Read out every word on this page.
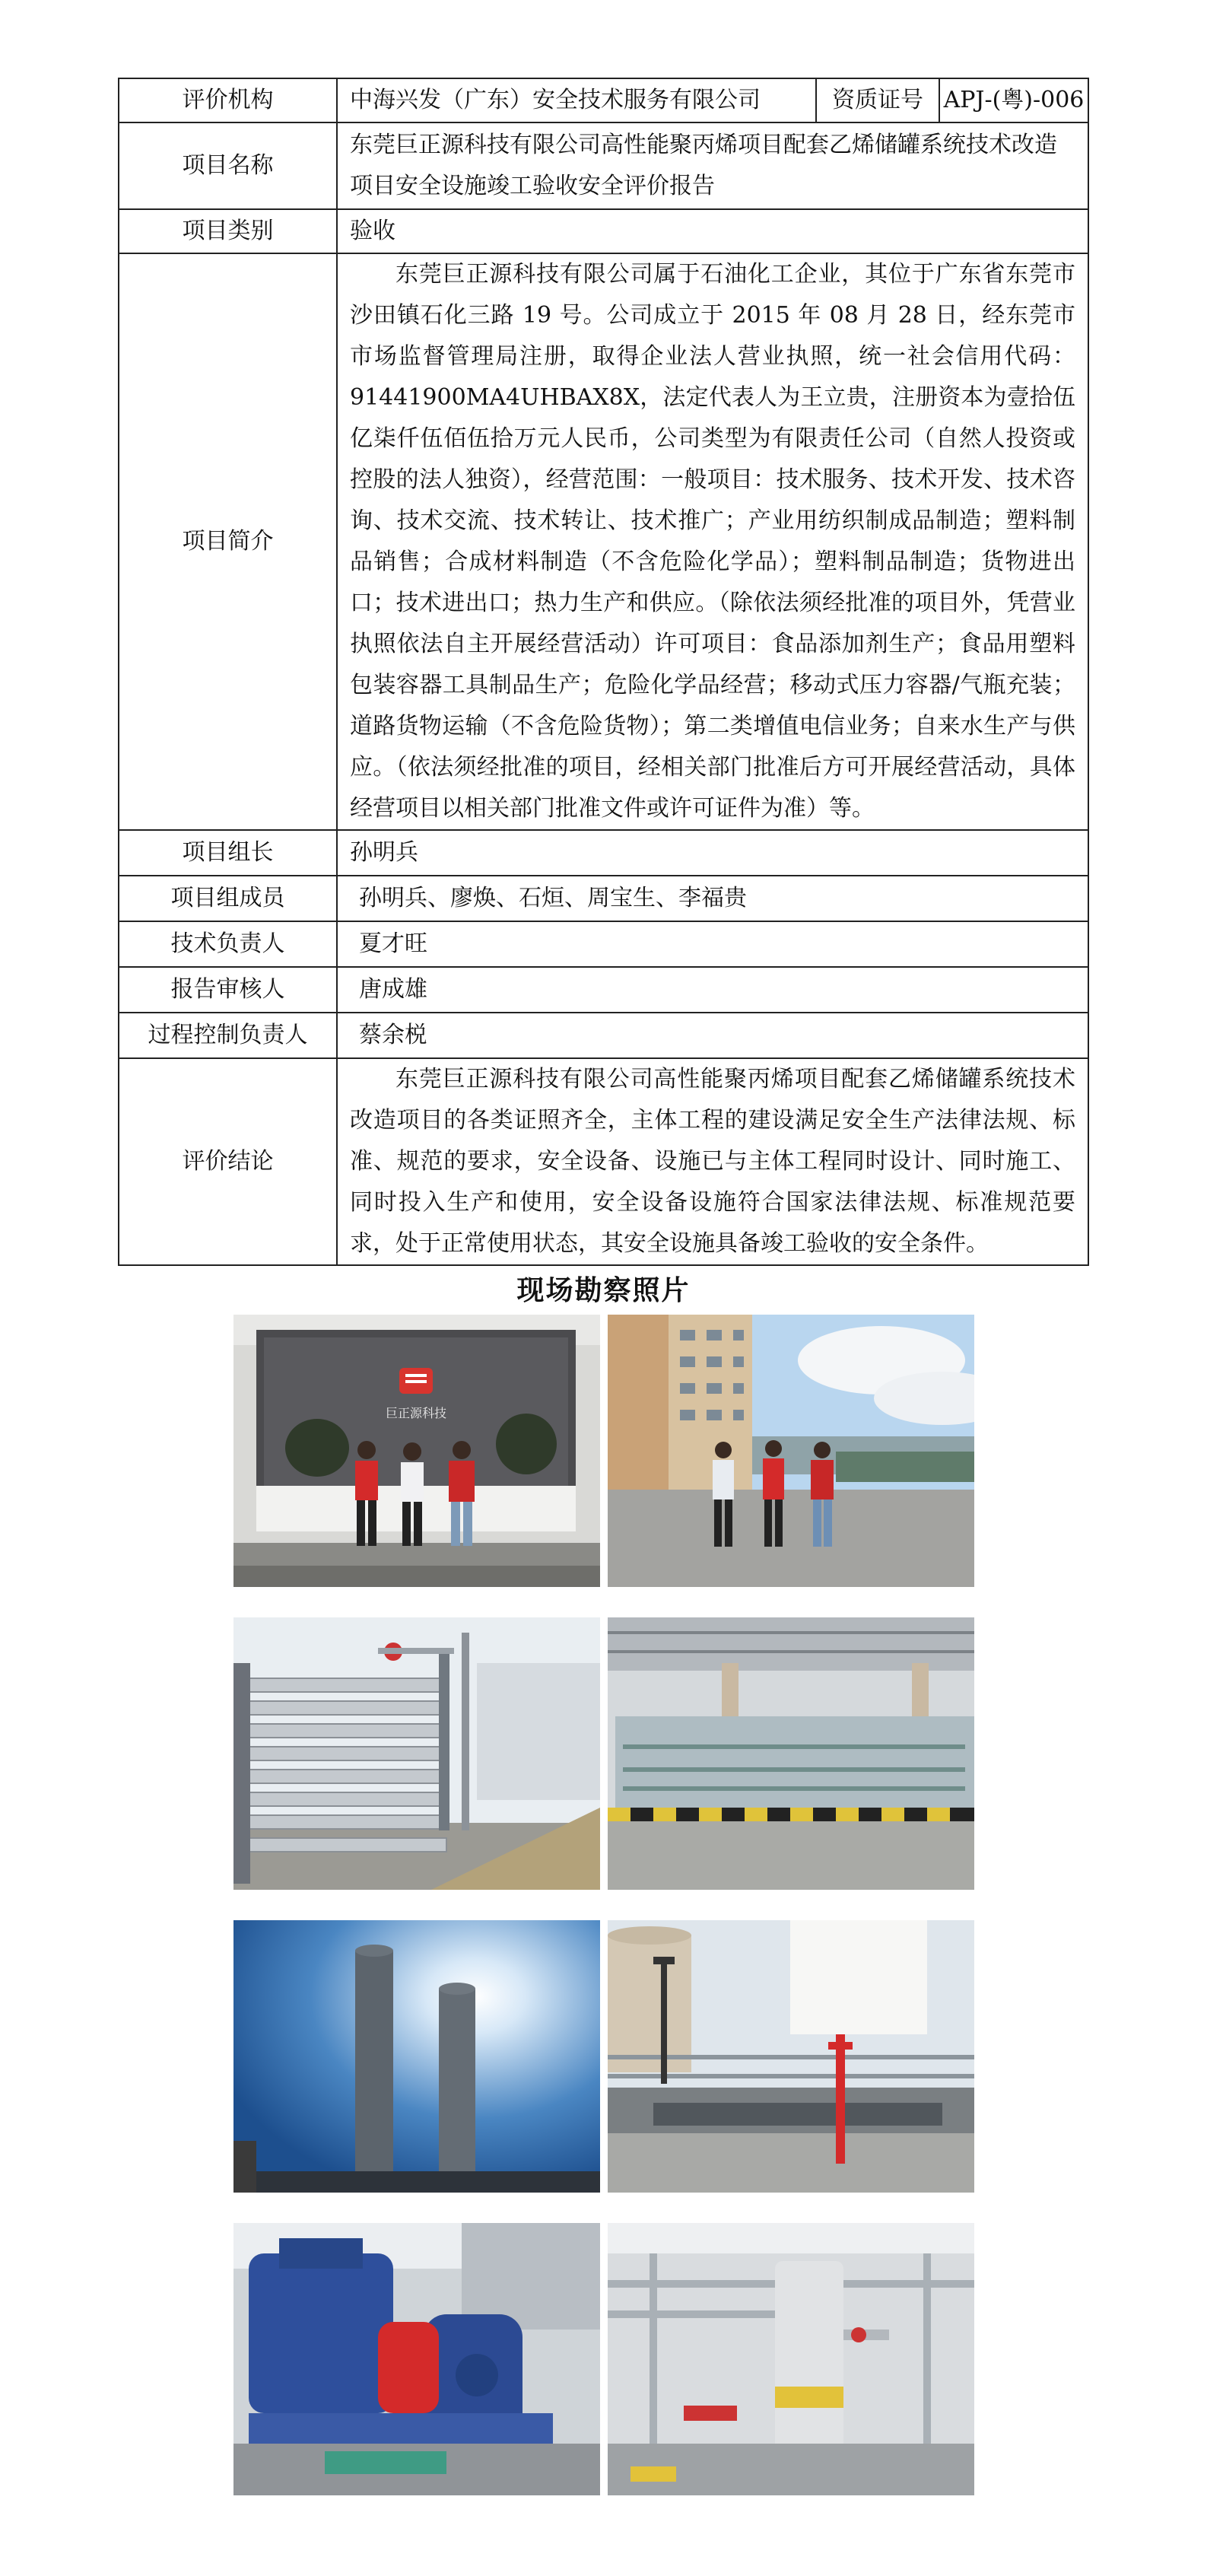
评价机构	中海兴发（广东）安全技术服务有限公司	资质证号	APJ-(粤)-006
项目名称	东莞巨正源科技有限公司高性能聚丙烯项目配套乙烯储罐系统技术改造项目安全设施竣工验收安全评价报告		
项目类别	验收		
项目简介	东莞巨正源科技有限公司属于石油化工企业，其位于广东省东莞市沙田镇石化三路 19 号。公司成立于 2015 年 08 月 28 日，经东莞市市场监督管理局注册，取得企业法人营业执照，统一社会信用代码：91441900MA4UHBAX8X，法定代表人为王立贵，注册资本为壹拾伍亿柒仟伍佰伍拾万元人民币，公司类型为有限责任公司（自然人投资或控股的法人独资），经营范围：一般项目：技术服务、技术开发、技术咨询、技术交流、技术转让、技术推广；产业用纺织制成品制造；塑料制品销售；合成材料制造（不含危险化学品）；塑料制品制造；货物进出口；技术进出口；热力生产和供应。（除依法须经批准的项目外，凭营业执照依法自主开展经营活动）许可项目：食品添加剂生产；食品用塑料包装容器工具制品生产；危险化学品经营；移动式压力容器/气瓶充装；道路货物运输（不含危险货物）；第二类增值电信业务；自来水生产与供应。（依法须经批准的项目，经相关部门批准后方可开展经营活动，具体经营项目以相关部门批准文件或许可证件为准）等。		
项目组长	孙明兵		
项目组成员	孙明兵、廖焕、石烜、周宝生、李福贵		
技术负责人	夏才旺		
报告审核人	唐成雄		
过程控制负责人	蔡余棁		
评价结论	东莞巨正源科技有限公司高性能聚丙烯项目配套乙烯储罐系统技术改造项目的各类证照齐全，主体工程的建设满足安全生产法律法规、标准、规范的要求，安全设备、设施已与主体工程同时设计、同时施工、同时投入生产和使用，安全设备设施符合国家法律法规、标准规范要求，处于正常使用状态，其安全设施具备竣工验收的安全条件。		
现场勘察照片
巨正源科技
